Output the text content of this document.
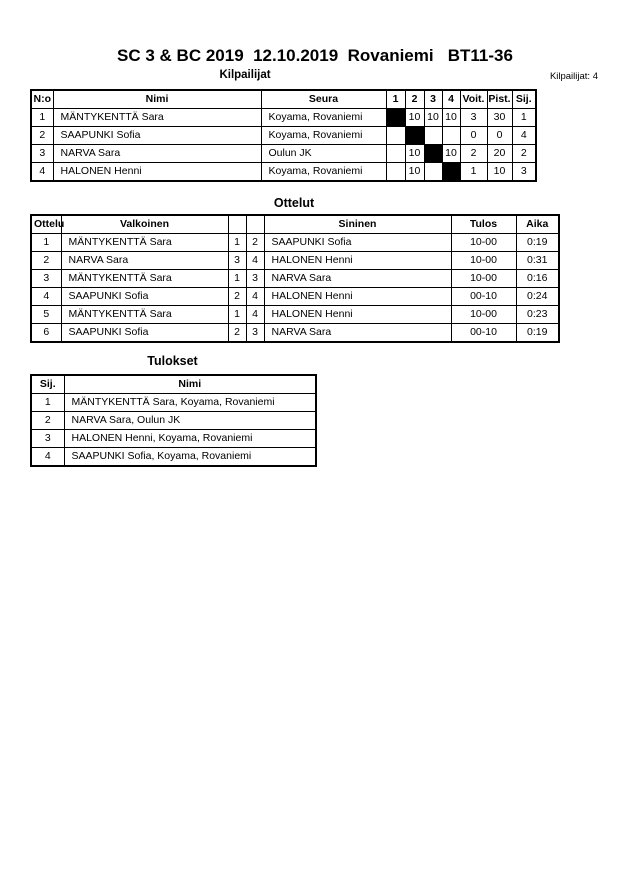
SC 3 & BC 2019  12.10.2019  Rovaniemi   BT11-36
Kilpailijat	Kilpailijat: 4
N:o	Nimi	Seura	1	2	3	4	Voit.	Pist.	Sij.
1	MÄNTYKENTTÄ Sara	Koyama, Rovaniemi		10	10	10	3	30	1
2	SAAPUNKI Sofia	Koyama, Rovaniemi					0	0	4
3	NARVA Sara	Oulun JK		10		10	2	20	2
4	HALONEN Henni	Koyama, Rovaniemi		10			1	10	3
Ottelut
Ottelu	Valkoinen			Sininen	Tulos	Aika
1	MÄNTYKENTTÄ Sara	1	2	SAAPUNKI Sofia	10-00	0:19
2	NARVA Sara	3	4	HALONEN Henni	10-00	0:31
3	MÄNTYKENTTÄ Sara	1	3	NARVA Sara	10-00	0:16
4	SAAPUNKI Sofia	2	4	HALONEN Henni	00-10	0:24
5	MÄNTYKENTTÄ Sara	1	4	HALONEN Henni	10-00	0:23
6	SAAPUNKI Sofia	2	3	NARVA Sara	00-10	0:19
Tulokset
Sij.	Nimi
1	MÄNTYKENTTÄ Sara, Koyama, Rovaniemi
2	NARVA Sara, Oulun JK
3	HALONEN Henni, Koyama, Rovaniemi
4	SAAPUNKI Sofia, Koyama, Rovaniemi
